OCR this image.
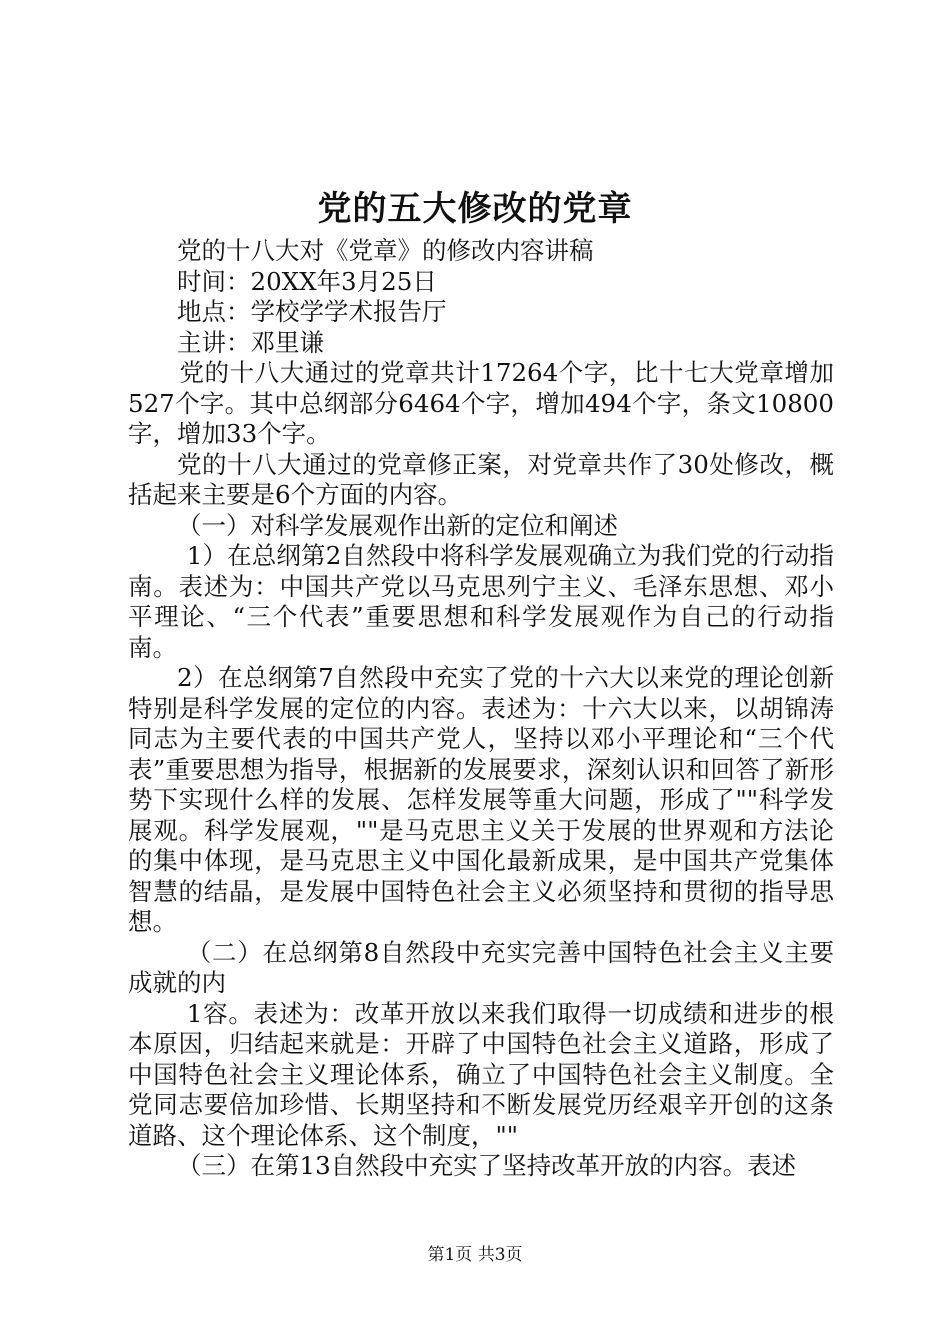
党的五大修改的党章

党的十八大对《党章》的修改内容讲稿

时间：20XX年3月25日

地点：学校学学术报告厅

主讲：邓里谦

党的十八大通过的党章共计17264个字，比十七大党章增加527个字。其中总纲部分6464个字，增加494个字，条文10800字，增加33个字。

党的十八大通过的党章修正案，对党章共作了30处修改，概括起来主要是6个方面的内容。

（一）对科学发展观作出新的定位和阐述

1）在总纲第2自然段中将科学发展观确立为我们党的行动指南。表述为：中国共产党以马克思列宁主义、毛泽东思想、邓小平理论、“三个代表”重要思想和科学发展观作为自己的行动指南。

2）在总纲第7自然段中充实了党的十六大以来党的理论创新特别是科学发展的定位的内容。表述为：十六大以来，以胡锦涛同志为主要代表的中国共产党人，坚持以邓小平理论和“三个代表”重要思想为指导，根据新的发展要求，深刻认识和回答了新形势下实现什么样的发展、怎样发展等重大问题，形成了""科学发展观。科学发展观，""是马克思主义关于发展的世界观和方法论的集中体现，是马克思主义中国化最新成果，是中国共产党集体智慧的结晶，是发展中国特色社会主义必须坚持和贯彻的指导思想。

（二）在总纲第8自然段中充实完善中国特色社会主义主要成就的内

1容。表述为：改革开放以来我们取得一切成绩和进步的根本原因，归结起来就是：开辟了中国特色社会主义道路，形成了中国特色社会主义理论体系，确立了中国特色社会主义制度。全党同志要倍加珍惜、长期坚持和不断发展党历经艰辛开创的这条道路、这个理论体系、这个制度，""

（三）在第13自然段中充实了坚持改革开放的内容。表述

第1页 共3页
